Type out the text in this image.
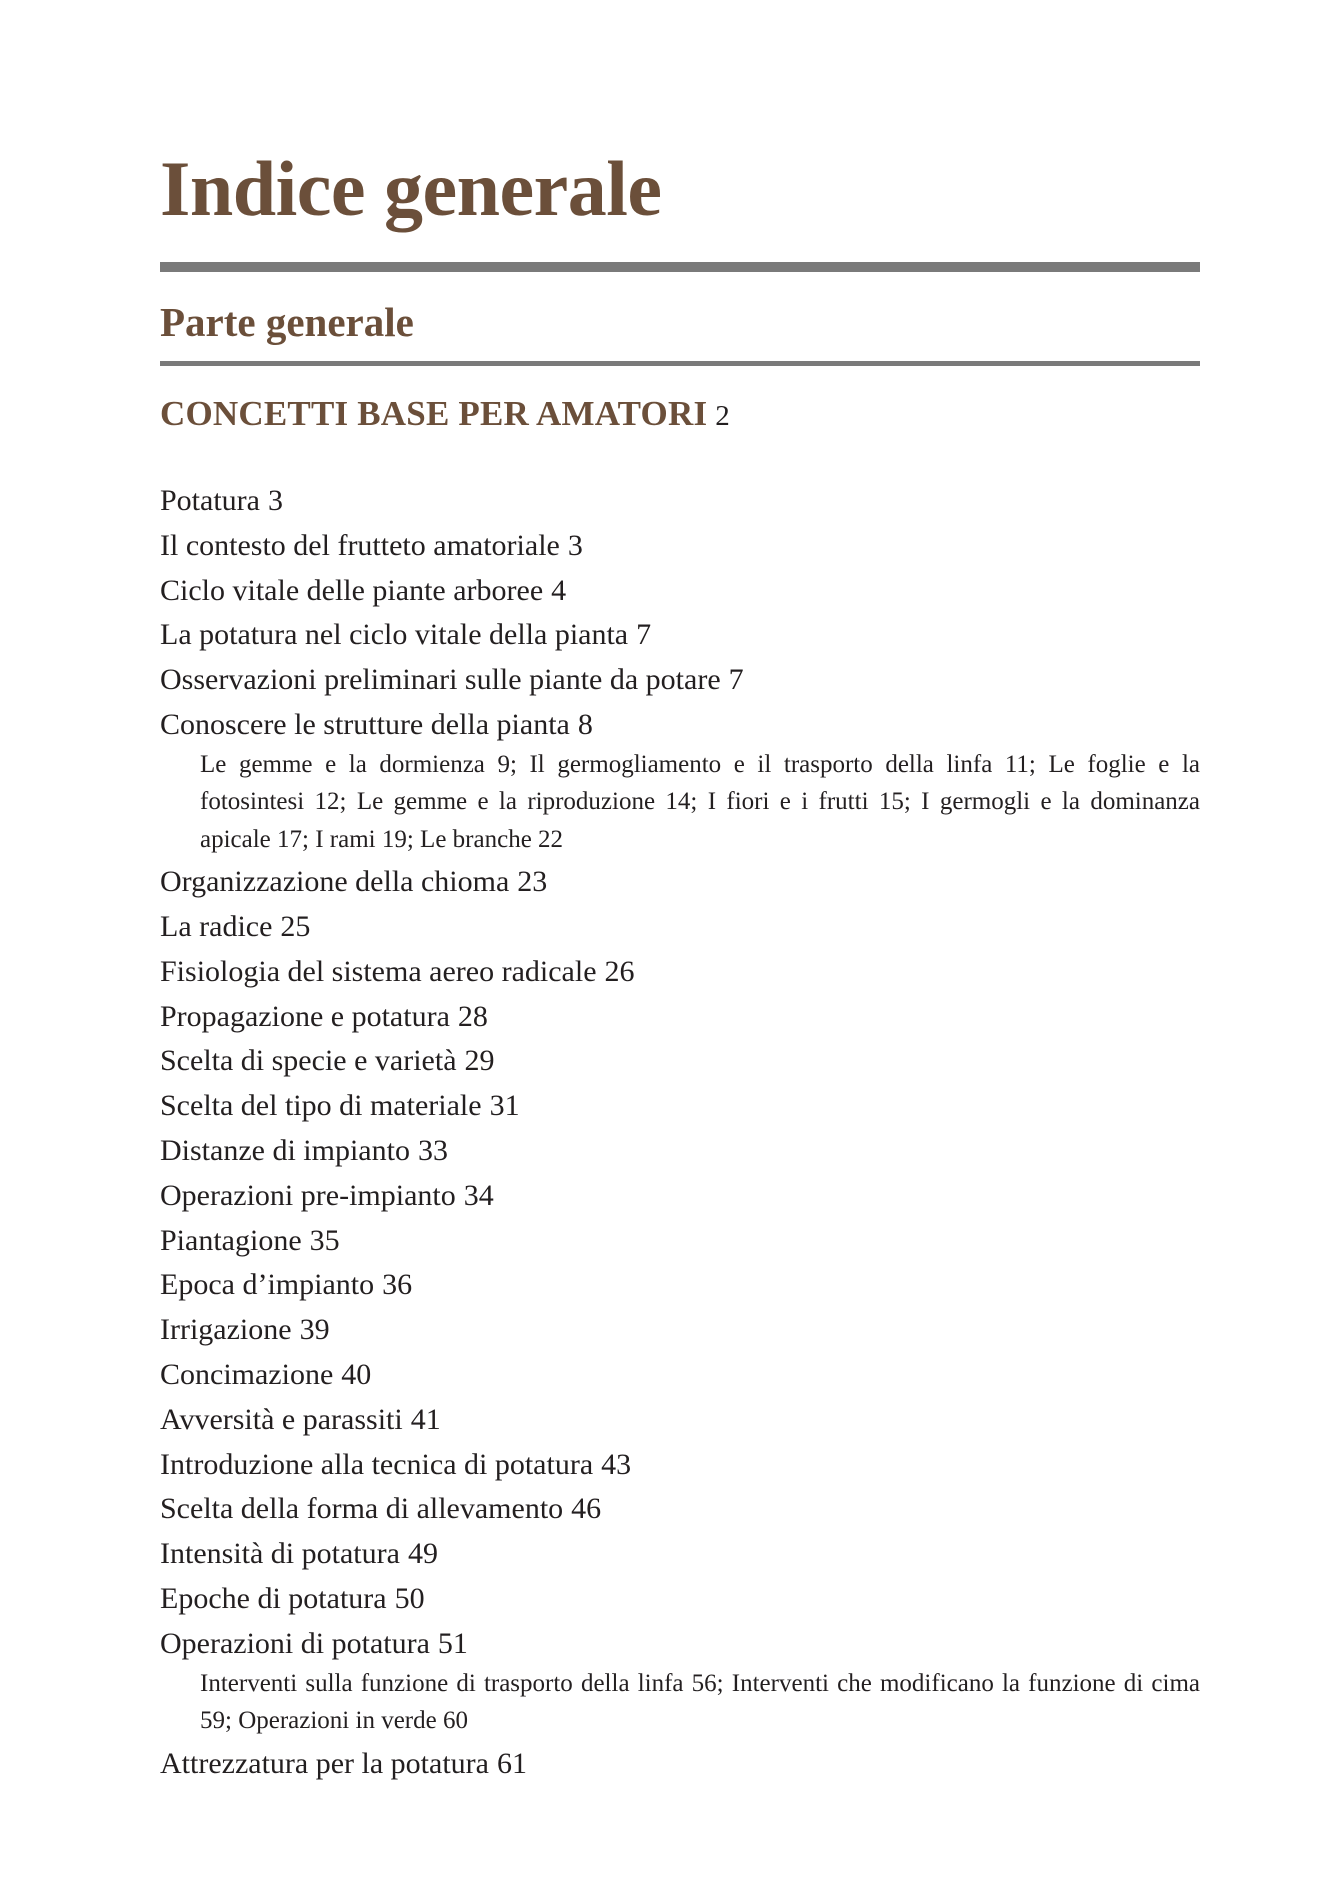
Indice generale
Parte generale
CONCETTI BASE PER AMATORI 2
Potatura 3
Il contesto del frutteto amatoriale 3
Ciclo vitale delle piante arboree 4
La potatura nel ciclo vitale della pianta 7
Osservazioni preliminari sulle piante da potare 7
Conoscere le strutture della pianta 8
Le gemme e la dormienza 9; Il germogliamento e il trasporto della linfa 11; Le foglie e la fotosintesi 12; Le gemme e la riproduzione 14; I fiori e i frutti 15; I germogli e la dominanza apicale 17; I rami 19; Le branche 22
Organizzazione della chioma 23
La radice 25
Fisiologia del sistema aereo radicale 26
Propagazione e potatura 28
Scelta di specie e varietà 29
Scelta del tipo di materiale 31
Distanze di impianto 33
Operazioni pre-impianto 34
Piantagione 35
Epoca d’impianto 36
Irrigazione 39
Concimazione 40
Avversità e parassiti 41
Introduzione alla tecnica di potatura 43
Scelta della forma di allevamento 46
Intensità di potatura 49
Epoche di potatura 50
Operazioni di potatura 51
Interventi sulla funzione di trasporto della linfa 56; Interventi che modificano la funzione di cima 59; Operazioni in verde 60
Attrezzatura per la potatura 61
